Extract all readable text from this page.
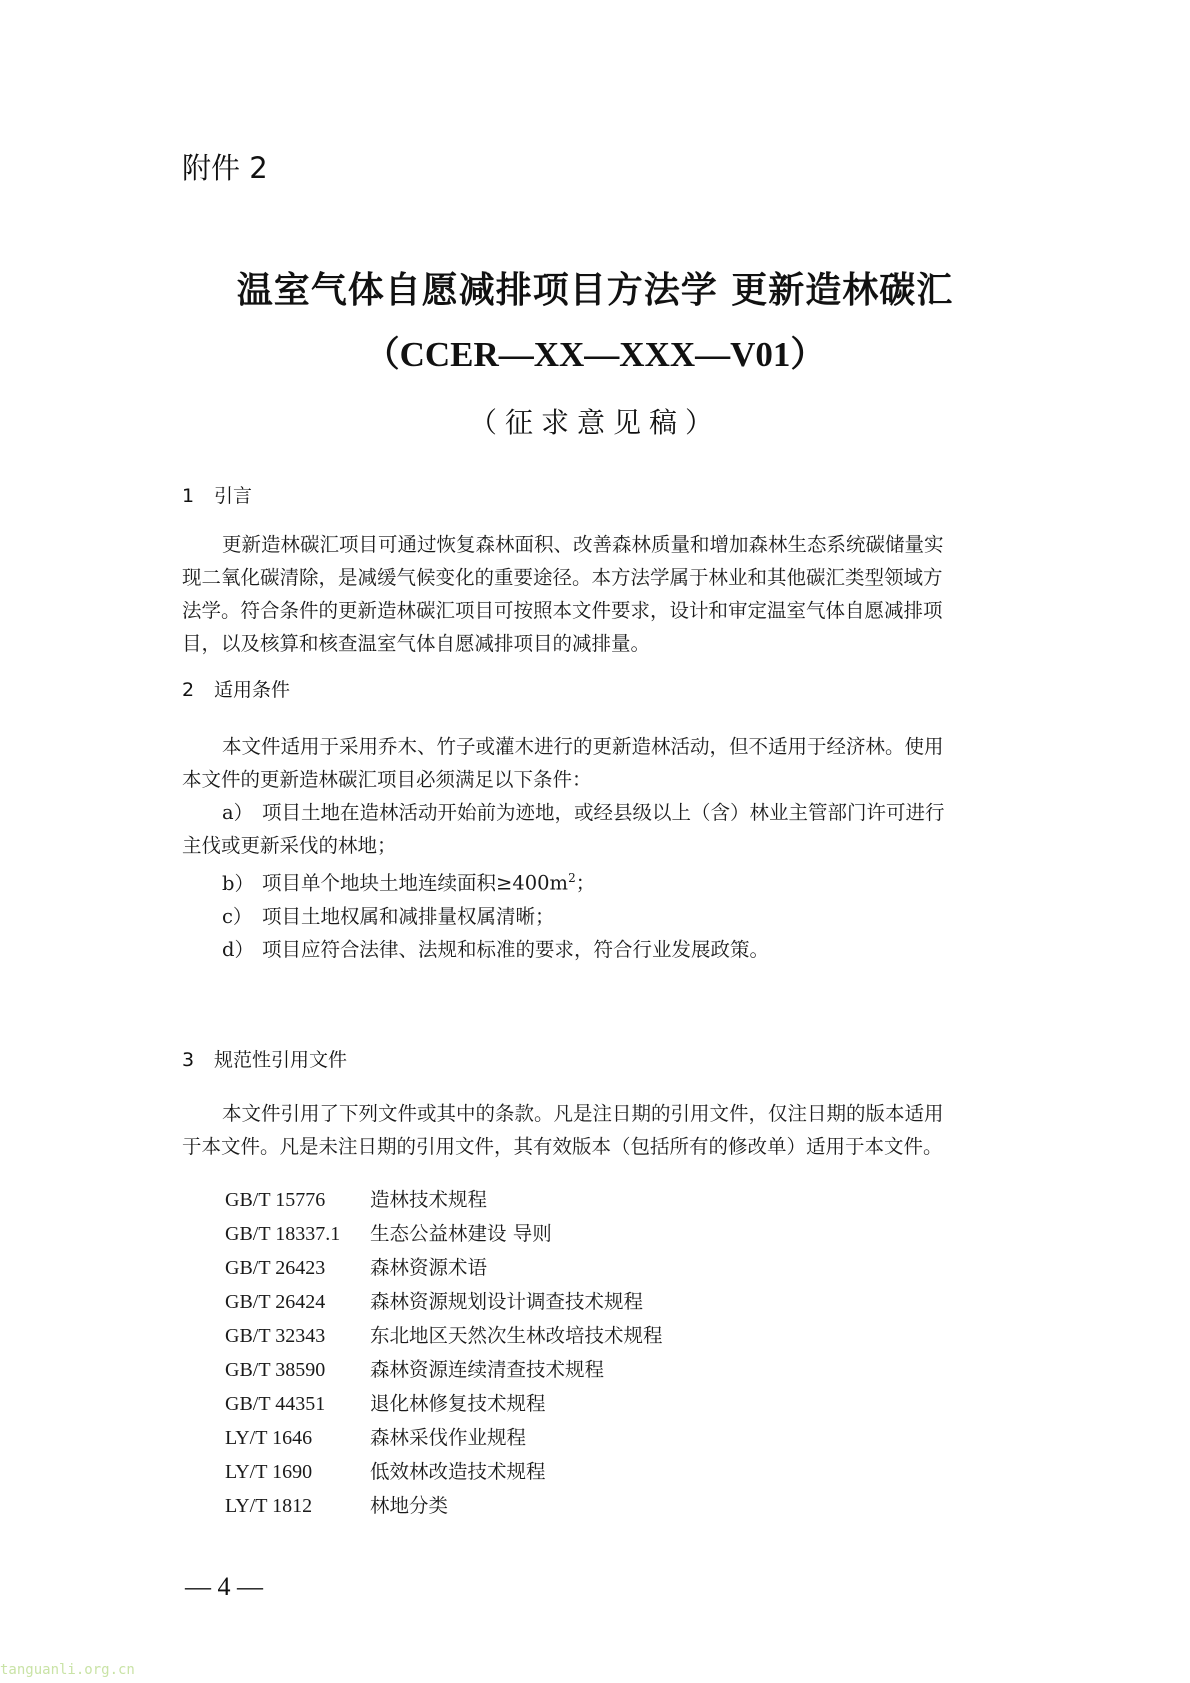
附件 2
温室气体自愿减排项目方法学 更新造林碳汇
（CCER—XX—XXX—V01）
（征求意见稿）
1 引言
更新造林碳汇项目可通过恢复森林面积、改善森林质量和增加森林生态系统碳储量实
现二氧化碳清除，是减缓气候变化的重要途径。本方法学属于林业和其他碳汇类型领域方
法学。符合条件的更新造林碳汇项目可按照本文件要求，设计和审定温室气体自愿减排项
目，以及核算和核查温室气体自愿减排项目的减排量。
2 适用条件
本文件适用于采用乔木、竹子或灌木进行的更新造林活动，但不适用于经济林。使用
本文件的更新造林碳汇项目必须满足以下条件：
a） 项目土地在造林活动开始前为迹地，或经县级以上（含）林业主管部门许可进行
主伐或更新采伐的林地；
b） 项目单个地块土地连续面积$\ge 400m^2$；
c） 项目土地权属和减排量权属清晰；
d） 项目应符合法律、法规和标准的要求，符合行业发展政策。
3 规范性引用文件
本文件引用了下列文件或其中的条款。凡是注日期的引用文件，仅注日期的版本适用
于本文件。凡是未注日期的引用文件，其有效版本（包括所有的修改单）适用于本文件。
GB/T 15776 造林技术规程
GB/T 18337.1 生态公益林建设 导则
GB/T 26423 森林资源术语
GB/T 26424 森林资源规划设计调查技术规程
GB/T 32343 东北地区天然次生林改培技术规程
GB/T 38590 森林资源连续清查技术规程
GB/T 44351 退化林修复技术规程
LY/T 1646	森林采伐作业规程
LY/T 1690	低效林改造技术规程
LY/T 1812	林地分类
— 4 —
tanguanli.org.cn
